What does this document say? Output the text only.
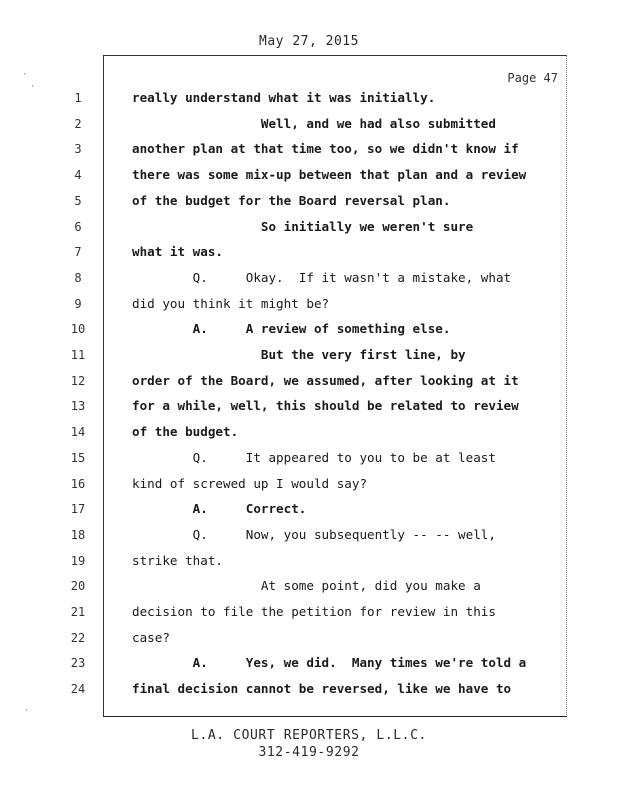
May 27, 2015
Page 47
1	really understand what it was initially.
2	Well, and we had also submitted
3	another plan at that time too, so we didn't know if
4	there was some mix-up between that plan and a review
5	of the budget for the Board reversal plan.
6	So initially we weren't sure
7	what it was.
8	Q.     Okay.  If it wasn't a mistake, what
9	did you think it might be?
10	A.     A review of something else.
11	But the very first line, by
12	order of the Board, we assumed, after looking at it
13	for a while, well, this should be related to review
14	of the budget.
15	Q.     It appeared to you to be at least
16	kind of screwed up I would say?
17	A.     Correct.
18	Q.     Now, you subsequently -- -- well,
19	strike that.
20	At some point, did you make a
21	decision to file the petition for review in this
22	case?
23	A.     Yes, we did.  Many times we're told a
24	final decision cannot be reversed, like we have to
L.A. COURT REPORTERS, L.L.C.
312-419-9292
·
·
·
